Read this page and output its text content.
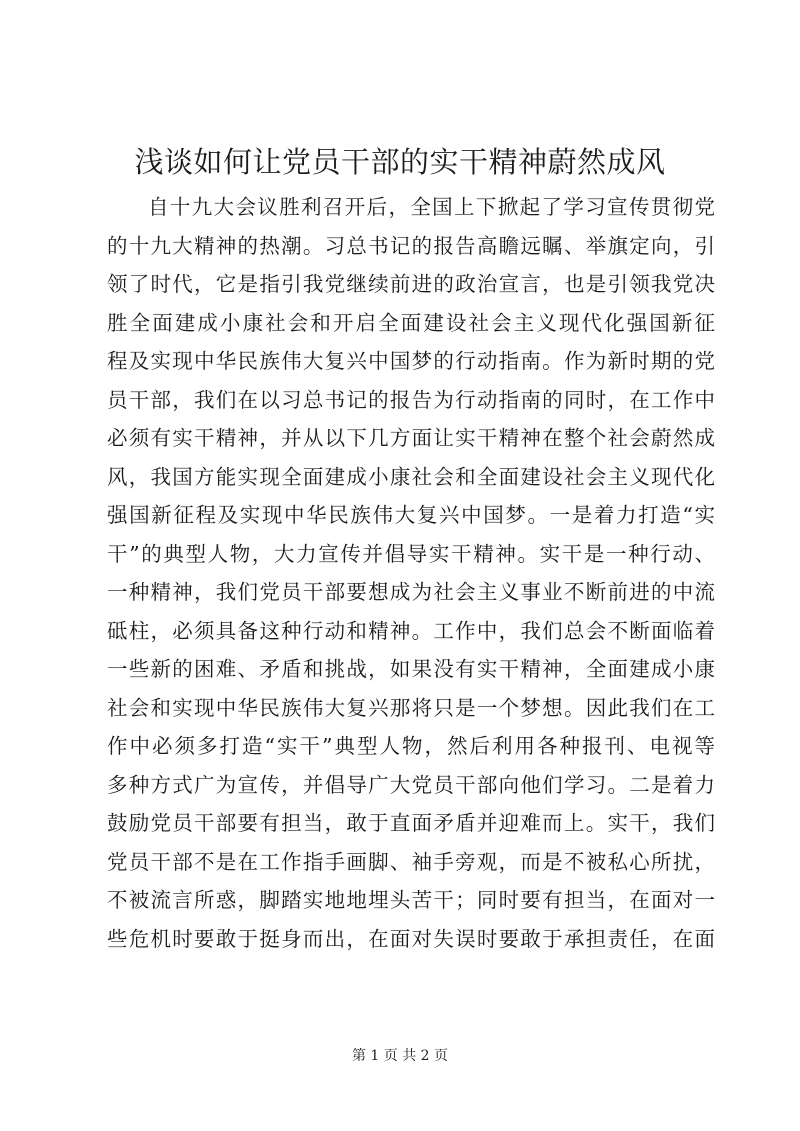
浅谈如何让党员干部的实干精神蔚然成风
自十九大会议胜利召开后，全国上下掀起了学习宣传贯彻党
的十九大精神的热潮。习总书记的报告高瞻远瞩、举旗定向，引
领了时代，它是指引我党继续前进的政治宣言，也是引领我党决
胜全面建成小康社会和开启全面建设社会主义现代化强国新征
程及实现中华民族伟大复兴中国梦的行动指南。作为新时期的党
员干部，我们在以习总书记的报告为行动指南的同时，在工作中
必须有实干精神，并从以下几方面让实干精神在整个社会蔚然成
风，我国方能实现全面建成小康社会和全面建设社会主义现代化
强国新征程及实现中华民族伟大复兴中国梦。一是着力打造“实
干”的典型人物，大力宣传并倡导实干精神。实干是一种行动、
一种精神，我们党员干部要想成为社会主义事业不断前进的中流
砥柱，必须具备这种行动和精神。工作中，我们总会不断面临着
一些新的困难、矛盾和挑战，如果没有实干精神，全面建成小康
社会和实现中华民族伟大复兴那将只是一个梦想。因此我们在工
作中必须多打造“实干”典型人物，然后利用各种报刊、电视等
多种方式广为宣传，并倡导广大党员干部向他们学习。二是着力
鼓励党员干部要有担当，敢于直面矛盾并迎难而上。实干，我们
党员干部不是在工作指手画脚、袖手旁观，而是不被私心所扰，
不被流言所惑，脚踏实地地埋头苦干；同时要有担当，在面对一
些危机时要敢于挺身而出，在面对失误时要敢于承担责任，在面
第 1 页 共 2 页
